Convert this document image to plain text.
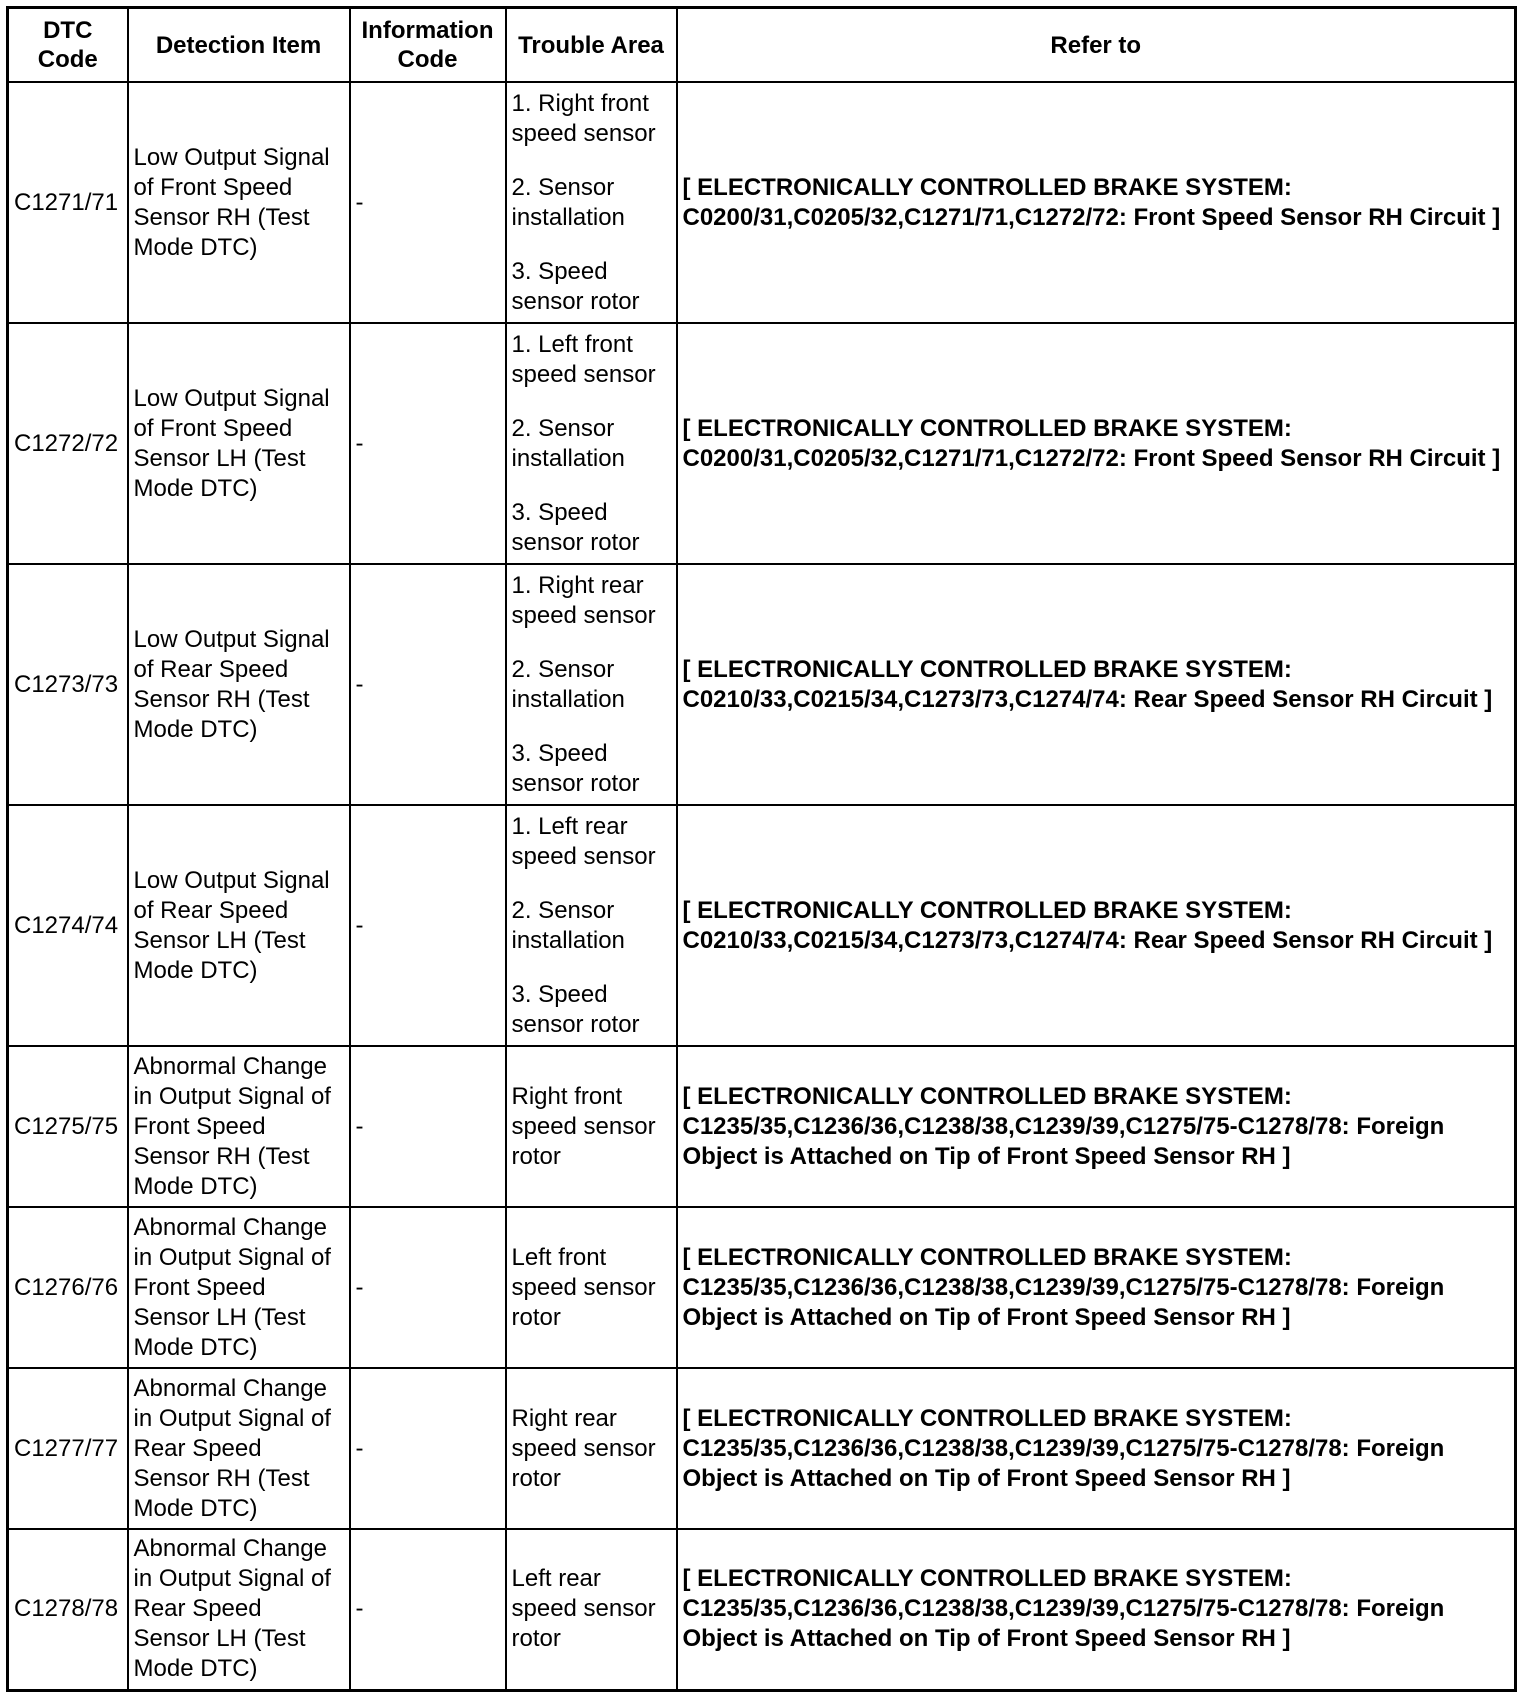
DTC Code	Detection Item	Information Code	Trouble Area	Refer to
C1271/71	Low Output Signal of Front Speed Sensor RH (Test Mode DTC)	-	1. Right front speed sensor
2. Sensor installation
3. Speed sensor rotor	[ ELECTRONICALLY CONTROLLED BRAKE SYSTEM: C0200/31,C0205/32,C1271/71,C1272/72: Front Speed Sensor RH Circuit ]
C1272/72	Low Output Signal of Front Speed Sensor LH (Test Mode DTC)	-	1. Left front speed sensor
2. Sensor installation
3. Speed sensor rotor	[ ELECTRONICALLY CONTROLLED BRAKE SYSTEM: C0200/31,C0205/32,C1271/71,C1272/72: Front Speed Sensor RH Circuit ]
C1273/73	Low Output Signal of Rear Speed Sensor RH (Test Mode DTC)	-	1. Right rear speed sensor
2. Sensor installation
3. Speed sensor rotor	[ ELECTRONICALLY CONTROLLED BRAKE SYSTEM: C0210/33,C0215/34,C1273/73,C1274/74: Rear Speed Sensor RH Circuit ]
C1274/74	Low Output Signal of Rear Speed Sensor LH (Test Mode DTC)	-	1. Left rear speed sensor
2. Sensor installation
3. Speed sensor rotor	[ ELECTRONICALLY CONTROLLED BRAKE SYSTEM: C0210/33,C0215/34,C1273/73,C1274/74: Rear Speed Sensor RH Circuit ]
C1275/75	Abnormal Change in Output Signal of Front Speed Sensor RH (Test Mode DTC)	-	Right front speed sensor rotor	[ ELECTRONICALLY CONTROLLED BRAKE SYSTEM: C1235/35,C1236/36,C1238/38,C1239/39,C1275/75-C1278/78: Foreign Object is Attached on Tip of Front Speed Sensor RH ]
C1276/76	Abnormal Change in Output Signal of Front Speed Sensor LH (Test Mode DTC)	-	Left front speed sensor rotor	[ ELECTRONICALLY CONTROLLED BRAKE SYSTEM: C1235/35,C1236/36,C1238/38,C1239/39,C1275/75-C1278/78: Foreign Object is Attached on Tip of Front Speed Sensor RH ]
C1277/77	Abnormal Change in Output Signal of Rear Speed Sensor RH (Test Mode DTC)	-	Right rear speed sensor rotor	[ ELECTRONICALLY CONTROLLED BRAKE SYSTEM: C1235/35,C1236/36,C1238/38,C1239/39,C1275/75-C1278/78: Foreign Object is Attached on Tip of Front Speed Sensor RH ]
C1278/78	Abnormal Change in Output Signal of Rear Speed Sensor LH (Test Mode DTC)	-	Left rear speed sensor rotor	[ ELECTRONICALLY CONTROLLED BRAKE SYSTEM: C1235/35,C1236/36,C1238/38,C1239/39,C1275/75-C1278/78: Foreign Object is Attached on Tip of Front Speed Sensor RH ]
